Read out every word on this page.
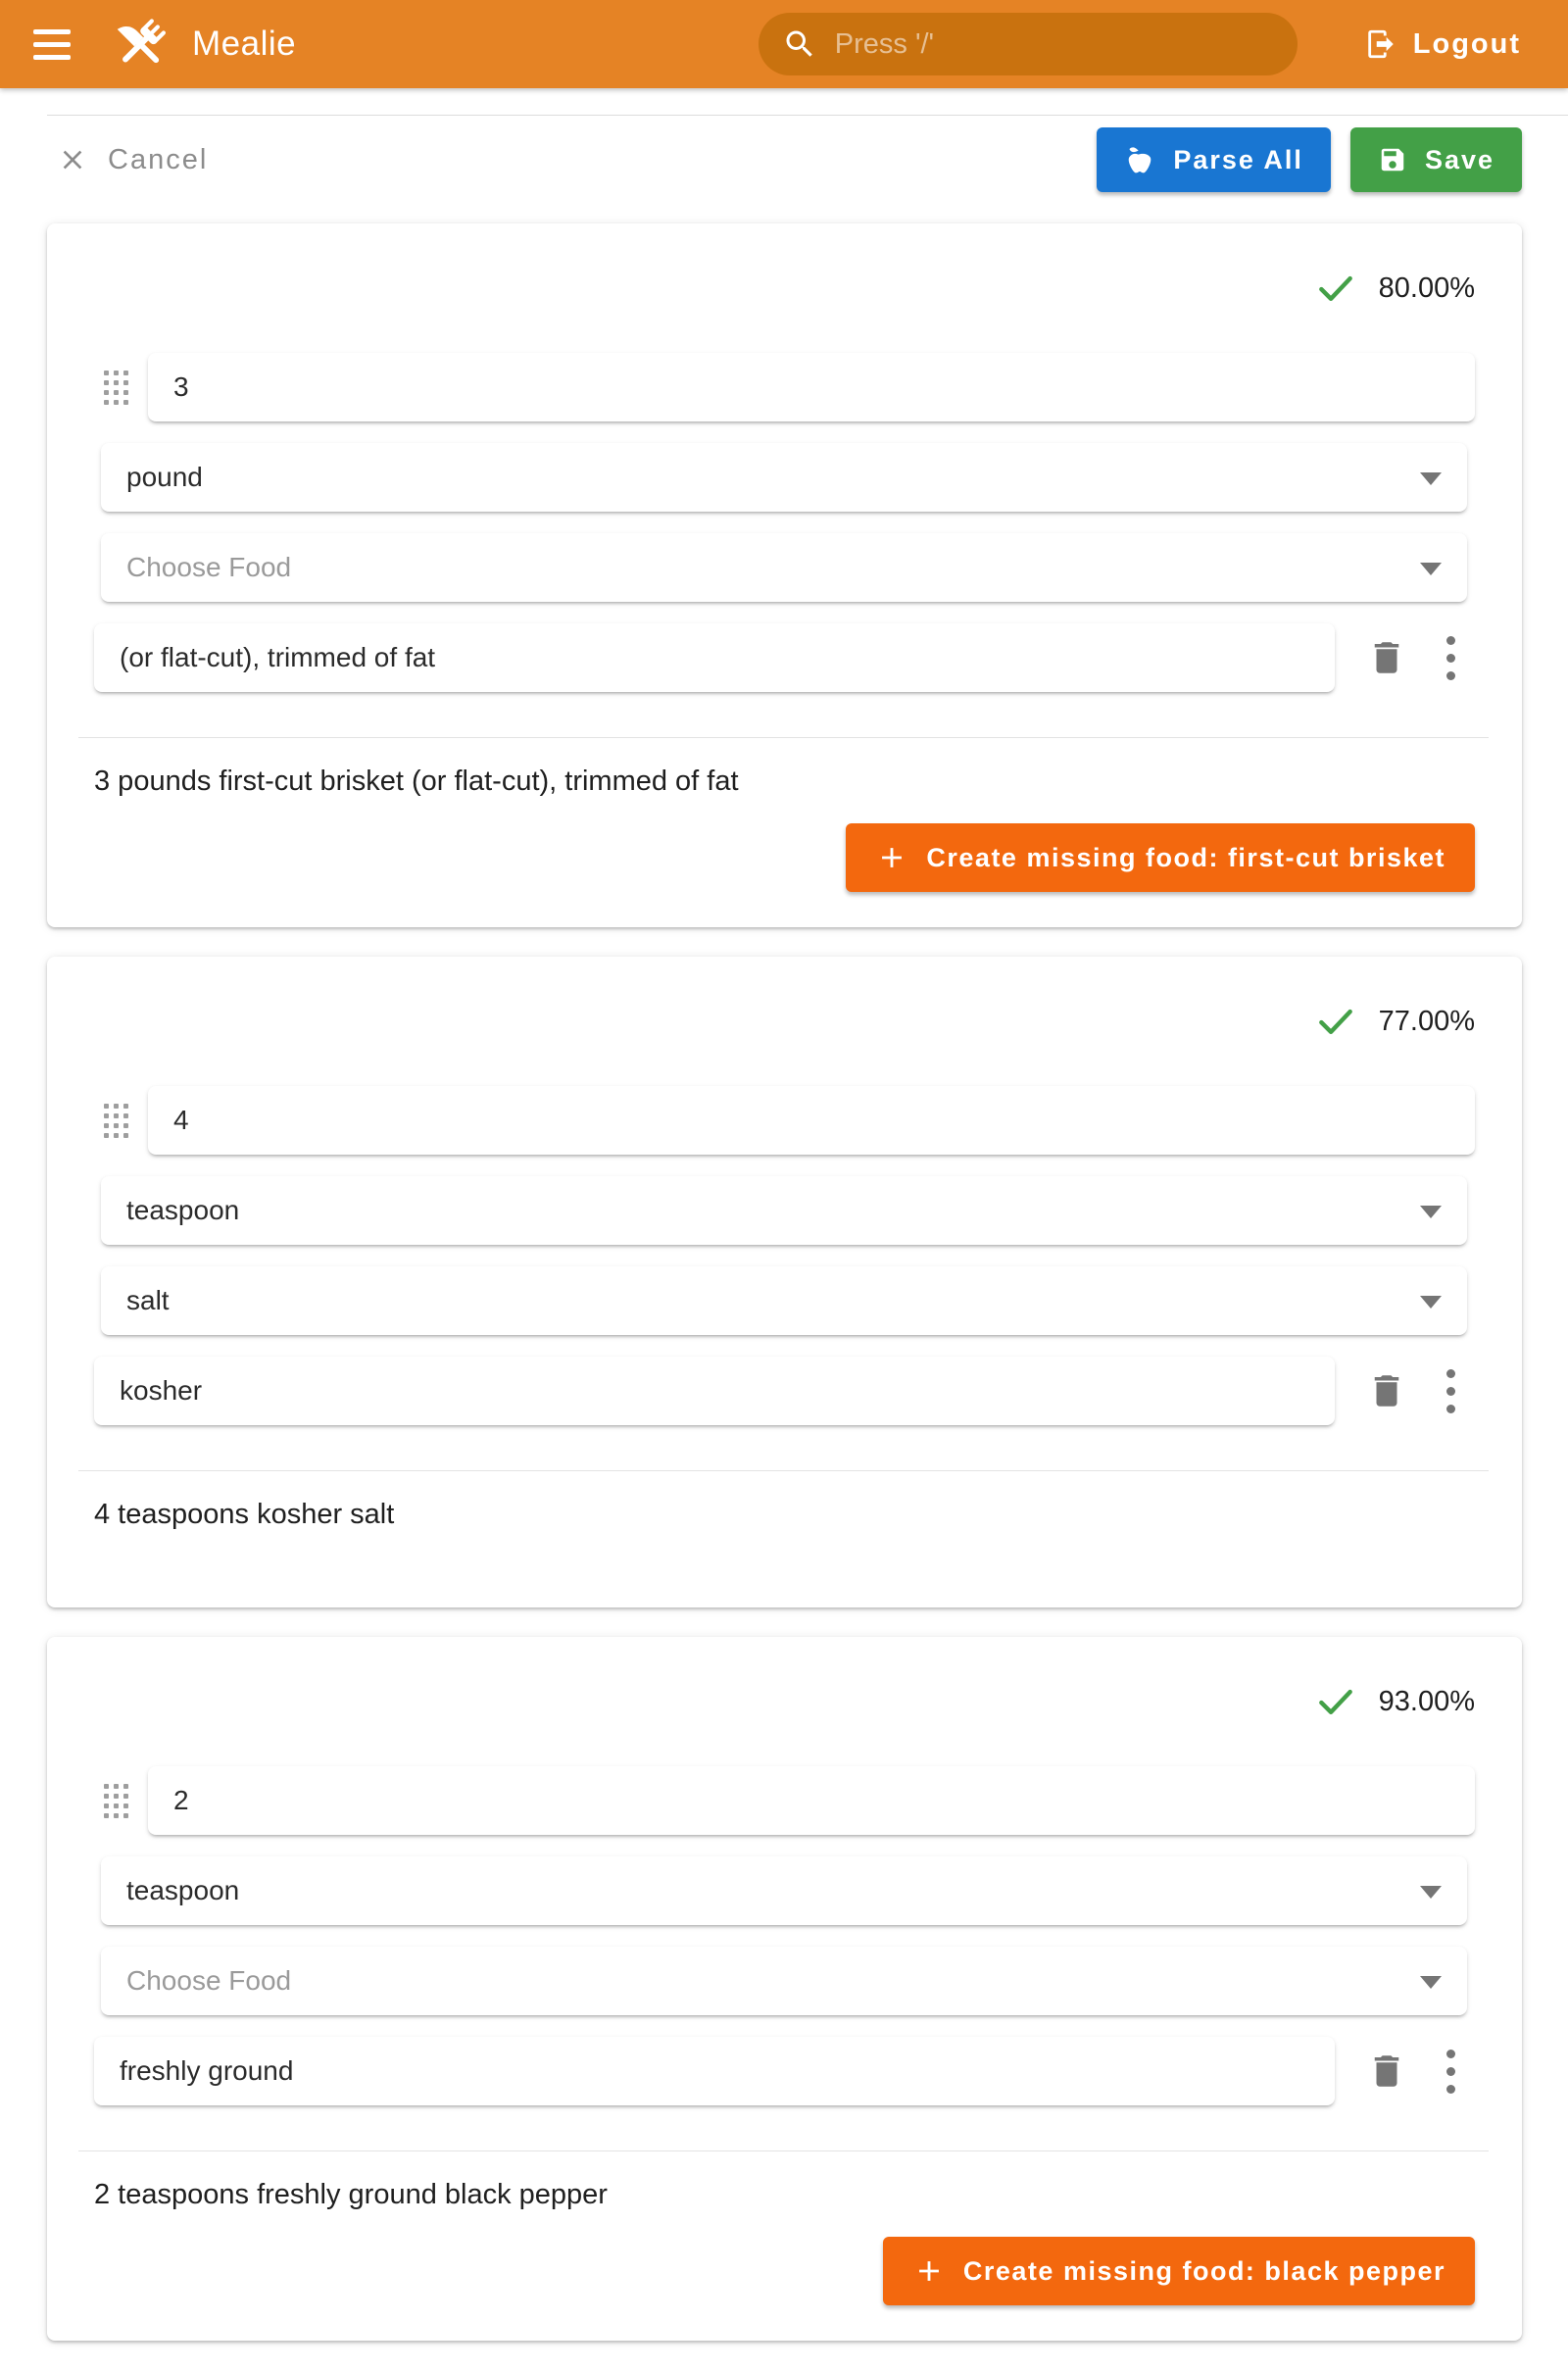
Mealie
Press '/'	Logout
Cancel	Parse All	Save
80.00%
3
pound
Choose Food
(or flat-cut), trimmed of fat

3 pounds first-cut brisket (or flat-cut), trimmed of fat

Create missing food: first-cut brisket
77.00%
4
teaspoon
salt
kosher

4 teaspoons kosher salt

93.00%
2
teaspoon
Choose Food
freshly ground

2 teaspoons freshly ground black pepper

Create missing food: black pepper
